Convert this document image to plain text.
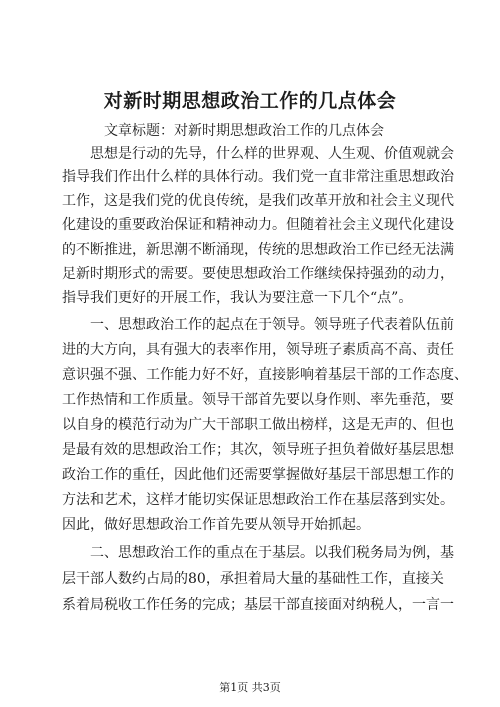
对新时期思想政治工作的几点体会
文章标题：对新时期思想政治工作的几点体会
思想是行动的先导，什么样的世界观、人生观、价值观就会
指导我们作出什么样的具体行动。我们党一直非常注重思想政治
工作，这是我们党的优良传统，是我们改革开放和社会主义现代
化建设的重要政治保证和精神动力。但随着社会主义现代化建设
的不断推进，新思潮不断涌现，传统的思想政治工作已经无法满
足新时期形式的需要。要使思想政治工作继续保持强劲的动力，
指导我们更好的开展工作，我认为要注意一下几个“点”。
一、思想政治工作的起点在于领导。领导班子代表着队伍前
进的大方向，具有强大的表率作用，领导班子素质高不高、责任
意识强不强、工作能力好不好，直接影响着基层干部的工作态度、
工作热情和工作质量。领导干部首先要以身作则、率先垂范，要
以自身的模范行动为广大干部职工做出榜样，这是无声的、但也
是最有效的思想政治工作；其次，领导班子担负着做好基层思想
政治工作的重任，因此他们还需要掌握做好基层干部思想工作的
方法和艺术，这样才能切实保证思想政治工作在基层落到实处。
因此，做好思想政治工作首先要从领导开始抓起。
二、思想政治工作的重点在于基层。以我们税务局为例，基
层干部人数约占局的80，承担着局大量的基础性工作，直接关
系着局税收工作任务的完成；基层干部直接面对纳税人，一言一
第1页 共3页
